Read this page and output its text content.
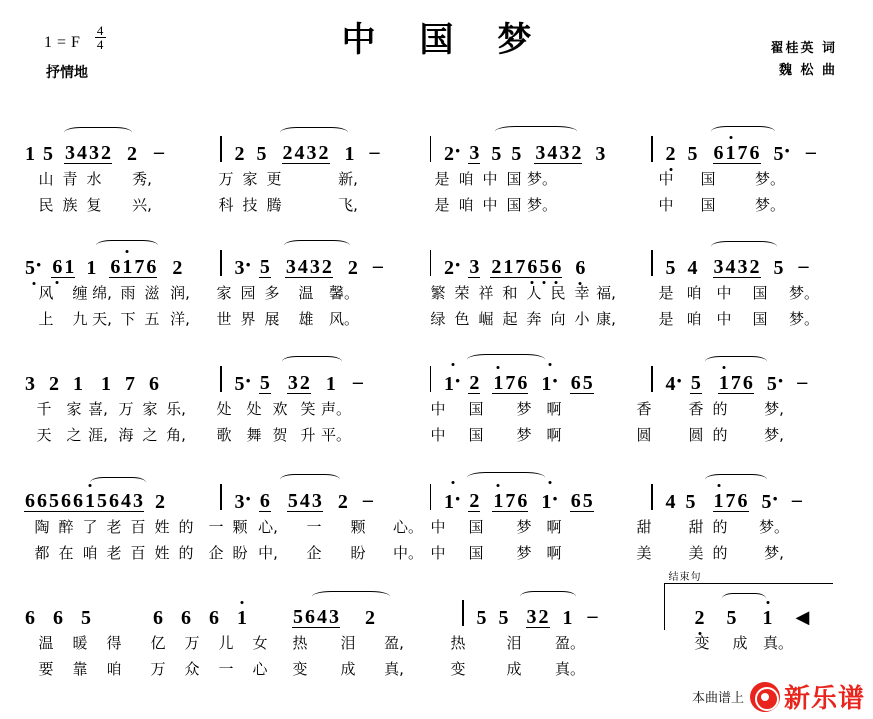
1 = F $\frac{4}{4}$
抒情地
中 国 梦	翟桂英 词
魏 松 曲
1 5 3 4 3 2 2 –	2 5 2 4 3 2 1 –	2 · 3 5 5 3 4 3 2 3	2 5 6 1 7 6 5 ·	–
山 青 水 秀,	万 家 更	新,	是 咱 中 国 梦。	中 国	梦。
民 族 复 兴,	科 技 腾	飞,	是 咱 中 国 梦。	中 国	梦。
5 · 6 1 1 6 1 7 6 2	3 · 5 3 4 3 2 2 –	2 · 3 2 1 7 6 5 6 6	5 4 3 4 3 2 5 –
风 缠 绵, 雨 滋 润, 家 园 多 温 馨。	繁 荣 祥 和 人 民 幸 福,	是 咱 中 国 梦。
上 九 天, 下 五 洋, 世 界 展 雄 风。	绿 色 崛 起 奔 向 小 康,	是 咱 中 国 梦。
3 2 1 1 7 6	5 · 5 3 2 1 –	1 · 2 1 7 6 1 · 6 5	4 · 5 1 7 6 5 ·	–
千 家 喜, 万 家 乐, 处 处 欢 笑 声。	中 国 梦 啊	香 香 的 梦,
天 之 涯, 海 之 角, 歌 舞 贺 升 平。	中 国 梦 啊	圆 圆 的 梦,
6 6 5 6 6 1 5 6 4 3 2	3 · 6 5 4 3 2 –	1 · 2 1 7 6 1 · 6 5	4 5 1 7 6 5 ·	–
陶 醉 了 老 百 姓 的 一 颗 心, 一 颗 心。 中 国 梦 啊	甜 甜 的 梦。
都 在 咱 老 百 姓 的 企 盼 中, 企 盼 中。 中 国 梦 啊	美 美 的 梦,
6 6 5	6 6 6 1 5 6 4 3 2	5 5 3 2 1 –
结束句
2 5 1 ◀
温 暖 得 亿 万 儿 女 热 泪 盈,	热	泪 盈。	变 成 真。
要 靠 咱 万 众 一 心 变 成 真,	变	成 真。
本曲谱上 新乐谱
